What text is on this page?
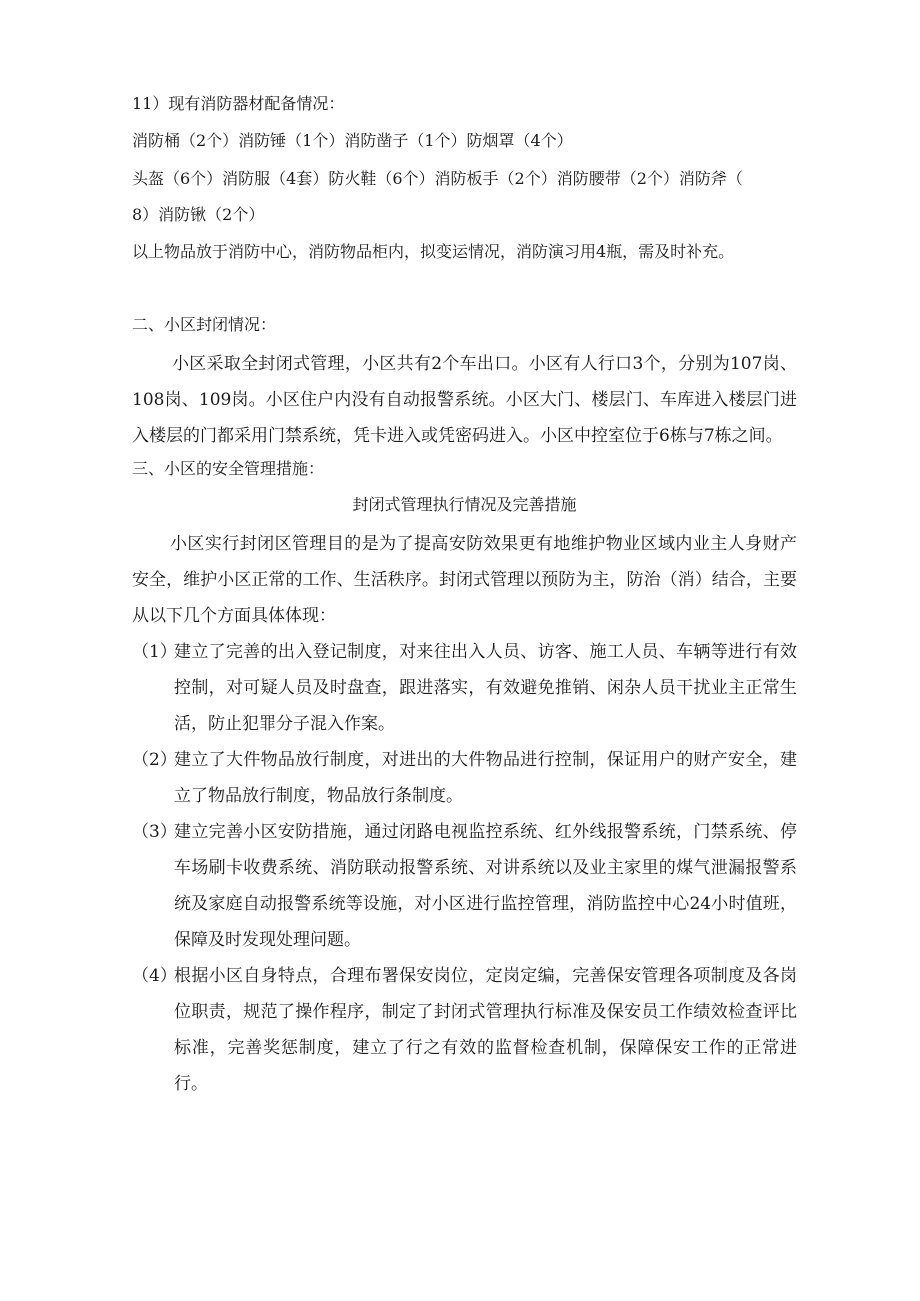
11）现有消防器材配备情况：
消防桶（2个）消防锤（1个）消防凿子（1个）防烟罩（4个）
头盔（6个）消防服（4套）防火鞋（6个）消防板手（2个）消防腰带（2个）消防斧（
8）消防锹（2个）
以上物品放于消防中心，消防物品柜内，拟变运情况，消防演习用4瓶，需及时补充。
二、小区封闭情况：
小区采取全封闭式管理，小区共有2个车出口。小区有人行口3个，分别为107岗、108岗、109岗。小区住户内没有自动报警系统。小区大门、楼层门、车库进入楼层门进入楼层的门都采用门禁系统，凭卡进入或凭密码进入。小区中控室位于6栋与7栋之间。
三、小区的安全管理措施：
封闭式管理执行情况及完善措施
小区实行封闭区管理目的是为了提高安防效果更有地维护物业区域内业主人身财产安全，维护小区正常的工作、生活秩序。封闭式管理以预防为主，防治（消）结合，主要从以下几个方面具体体现：
（1）
建立了完善的出入登记制度，对来往出入人员、访客、施工人员、车辆等进行有效控制，对可疑人员及时盘查，跟进落实，有效避免推销、闲杂人员干扰业主正常生活，防止犯罪分子混入作案。
（2）
建立了大件物品放行制度，对进出的大件物品进行控制，保证用户的财产安全，建立了物品放行制度，物品放行条制度。
（3）
建立完善小区安防措施，通过闭路电视监控系统、红外线报警系统，门禁系统、停车场刷卡收费系统、消防联动报警系统、对讲系统以及业主家里的煤气泄漏报警系统及家庭自动报警系统等设施，对小区进行监控管理，消防监控中心24小时值班，保障及时发现处理问题。
（4）
根据小区自身特点，合理布署保安岗位，定岗定编，完善保安管理各项制度及各岗位职责，规范了操作程序，制定了封闭式管理执行标准及保安员工作绩效检查评比标准，完善奖惩制度，建立了行之有效的监督检查机制，保障保安工作的正常进行。
